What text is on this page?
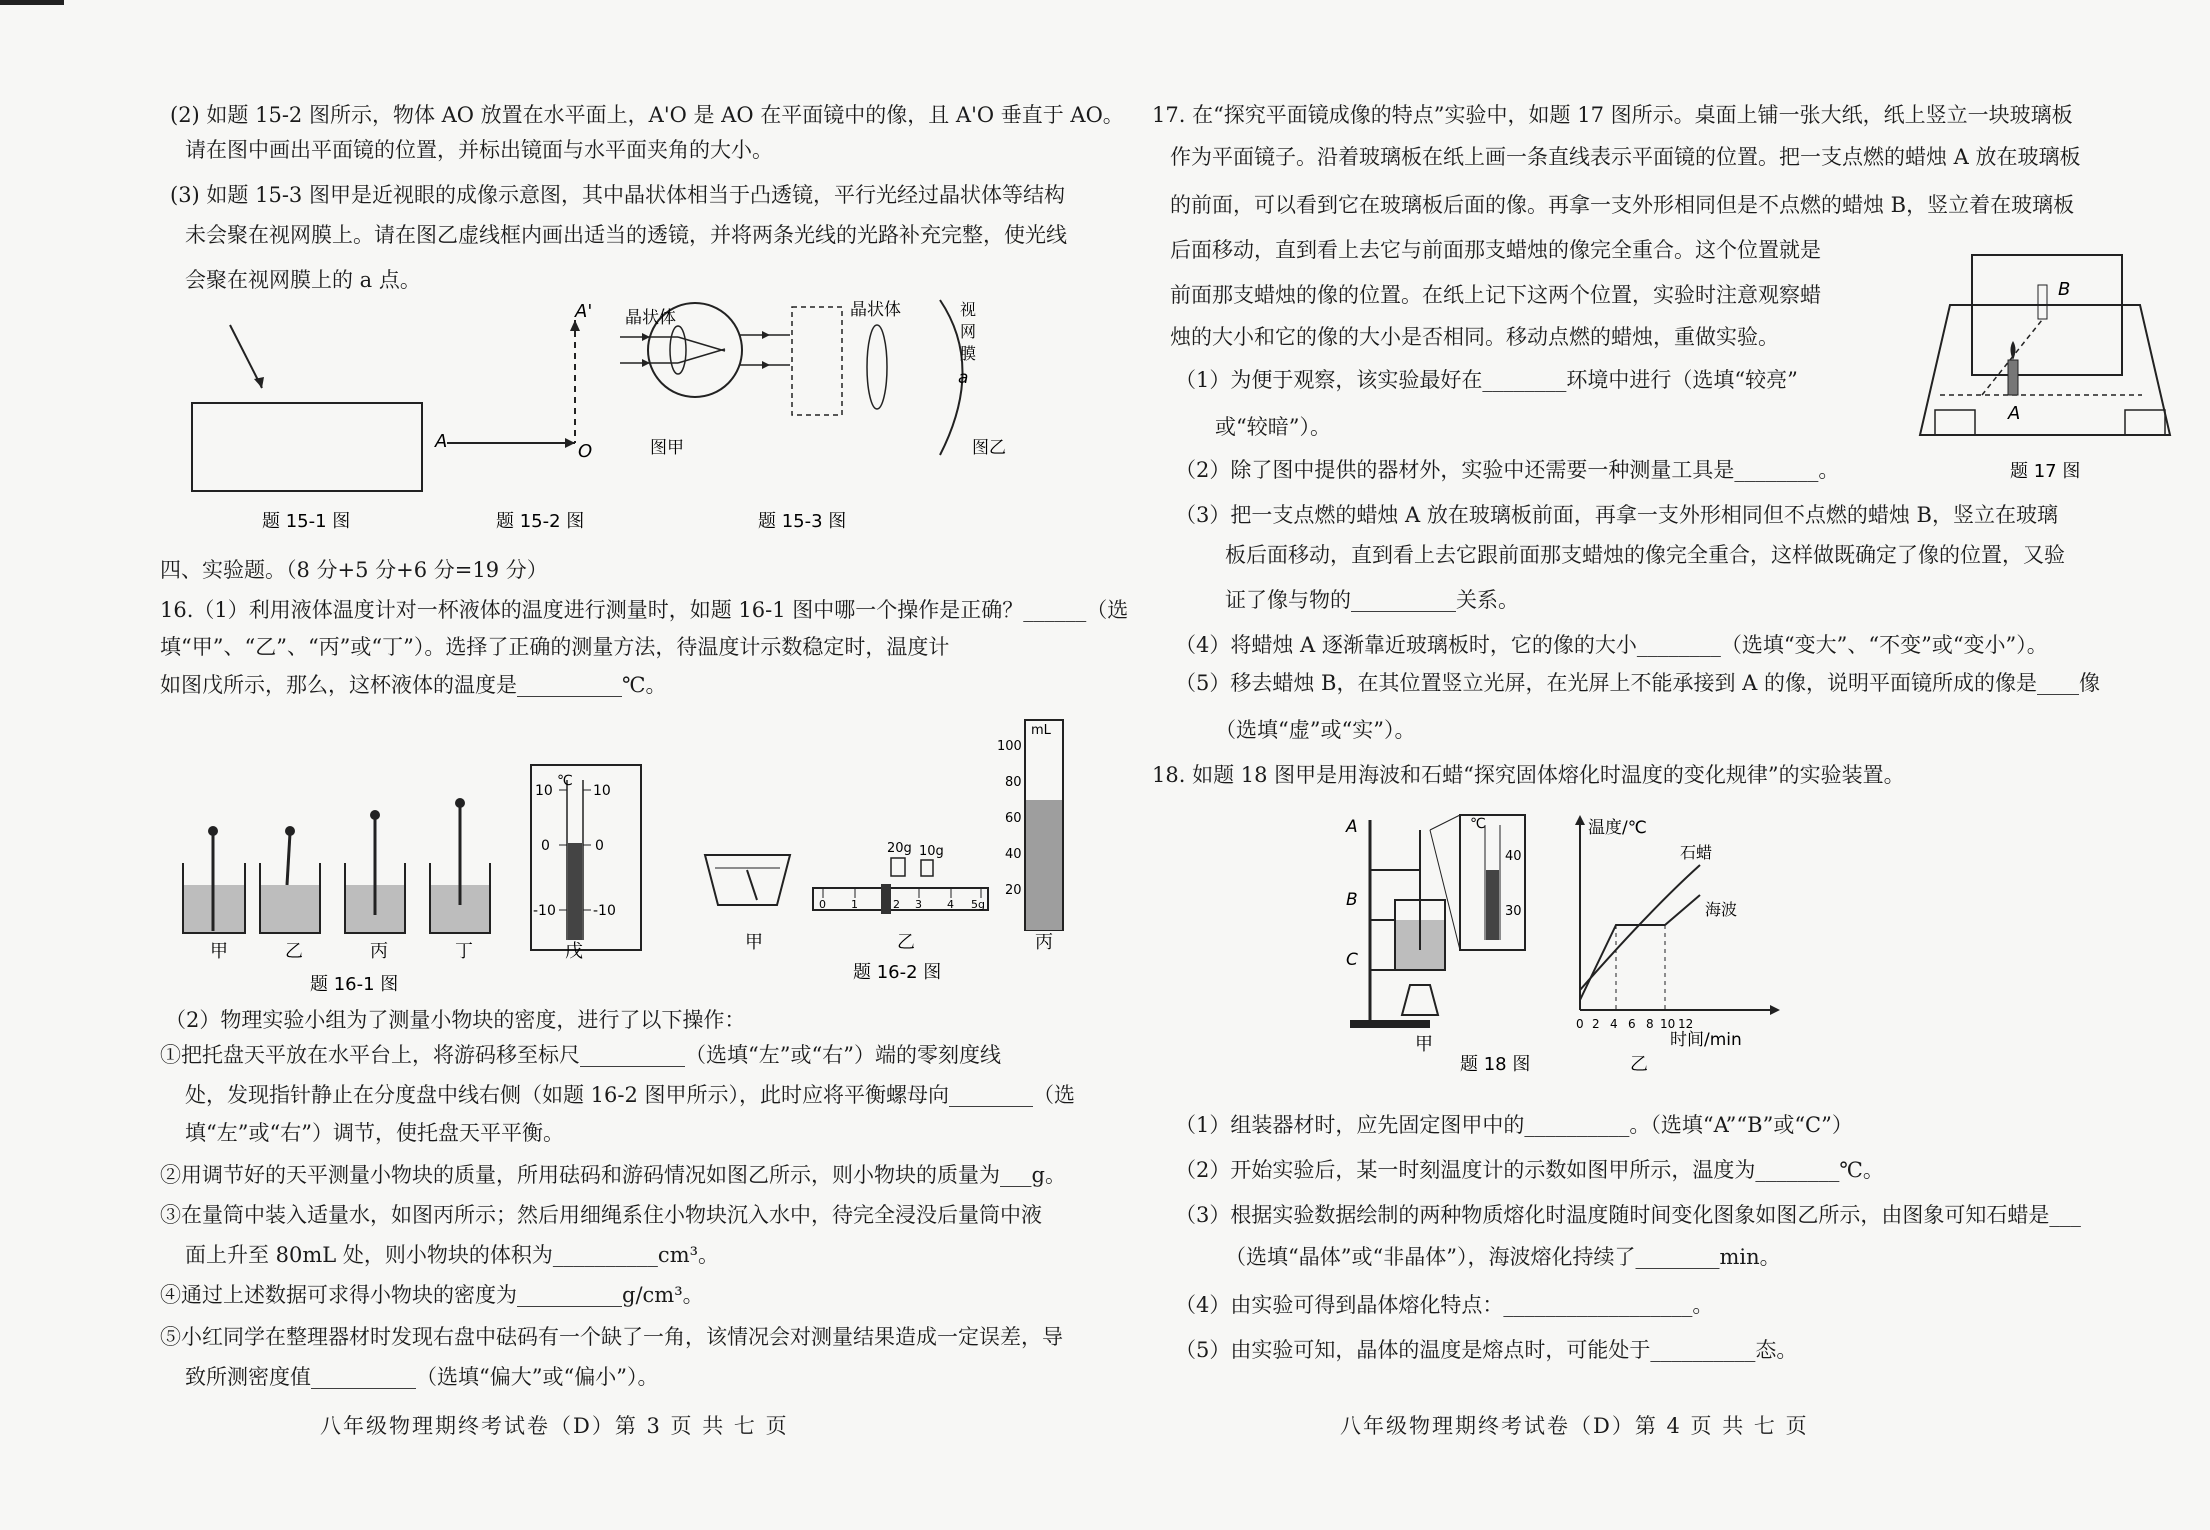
(2) 如题 15-2 图所示，物体 AO 放置在水平面上，A'O 是 AO 在平面镜中的像，且 A'O 垂直于 AO。
请在图中画出平面镜的位置，并标出镜面与水平面夹角的大小。
(3) 如题 15-3 图甲是近视眼的成像示意图，其中晶状体相当于凸透镜，平行光经过晶状体等结构
未会聚在视网膜上。请在图乙虚线框内画出适当的透镜，并将两条光线的光路补充完整，使光线
会聚在视网膜上的 a 点。
A	O
A' 晶状体
图甲
晶状体	视
网
膜
a
图乙
题 15-1 图	题 15-2 图	题 15-3 图
四、实验题。（8 分+5 分+6 分=19 分）
16.（1）利用液体温度计对一杯液体的温度进行测量时，如题 16-1 图中哪一个操作是正确？______（选
填“甲”、“乙”、“丙”或“丁”）。选择了正确的测量方法，待温度计示数稳定时，温度计
如图戊所示，那么，这杯液体的温度是__________℃。
℃
10	10
0	0
-10	-10
甲	乙	丙	丁	戊
题 16-1 图
0 1	2 3 4 5g
20g 10g
mL
100
80
60
40
20
甲	乙	丙
题 16-2 图
（2）物理实验小组为了测量小物块的密度，进行了以下操作：
①把托盘天平放在水平台上，将游码移至标尺__________（选填“左”或“右”）端的零刻度线
处，发现指针静止在分度盘中线右侧（如题 16-2 图甲所示），此时应将平衡螺母向________（选
填“左”或“右”）调节，使托盘天平平衡。
②用调节好的天平测量小物块的质量，所用砝码和游码情况如图乙所示，则小物块的质量为___g。
③在量筒中装入适量水，如图丙所示；然后用细绳系住小物块沉入水中，待完全浸没后量筒中液
面上升至 80mL 处，则小物块的体积为__________cm³。
④通过上述数据可求得小物块的密度为__________g/cm³。
⑤小红同学在整理器材时发现右盘中砝码有一个缺了一角，该情况会对测量结果造成一定误差，导
致所测密度值__________（选填“偏大”或“偏小”）。
八年级物理期终考试卷（D）第 3 页 共 七 页
17. 在“探究平面镜成像的特点”实验中，如题 17 图所示。桌面上铺一张大纸，纸上竖立一块玻璃板
作为平面镜子。沿着玻璃板在纸上画一条直线表示平面镜的位置。把一支点燃的蜡烛 A 放在玻璃板
的前面，可以看到它在玻璃板后面的像。再拿一支外形相同但是不点燃的蜡烛 B，竖立着在玻璃板
后面移动，直到看上去它与前面那支蜡烛的像完全重合。这个位置就是
前面那支蜡烛的像的位置。在纸上记下这两个位置，实验时注意观察蜡
烛的大小和它的像的大小是否相同。移动点燃的蜡烛，重做实验。
A
B
题 17 图
（1）为便于观察，该实验最好在________环境中进行（选填“较亮”
或“较暗”）。
（2）除了图中提供的器材外，实验中还需要一种测量工具是________。
（3）把一支点燃的蜡烛 A 放在玻璃板前面，再拿一支外形相同但不点燃的蜡烛 B，竖立在玻璃
板后面移动，直到看上去它跟前面那支蜡烛的像完全重合，这样做既确定了像的位置，又验
证了像与物的__________关系。
（4）将蜡烛 A 逐渐靠近玻璃板时，它的像的大小________（选填“变大”、“不变”或“变小”）。
（5）移去蜡烛 B，在其位置竖立光屏，在光屏上不能承接到 A 的像，说明平面镜所成的像是____像
（选填“虚”或“实”）。
18. 如题 18 图甲是用海波和石蜡“探究固体熔化时温度的变化规律”的实验装置。
℃
40
30
A
B
C
甲
温度/℃
时间/min
0 2 4 6 8 10 12
石蜡
海波
乙
题 18 图
（1）组装器材时，应先固定图甲中的__________。（选填“A”“B”或“C”）
（2）开始实验后，某一时刻温度计的示数如图甲所示，温度为________℃。
（3）根据实验数据绘制的两种物质熔化时温度随时间变化图象如图乙所示，由图象可知石蜡是___
（选填“晶体”或“非晶体”），海波熔化持续了________min。
（4）由实验可得到晶体熔化特点：__________________。
（5）由实验可知，晶体的温度是熔点时，可能处于__________态。
八年级物理期终考试卷（D）第 4 页 共 七 页
